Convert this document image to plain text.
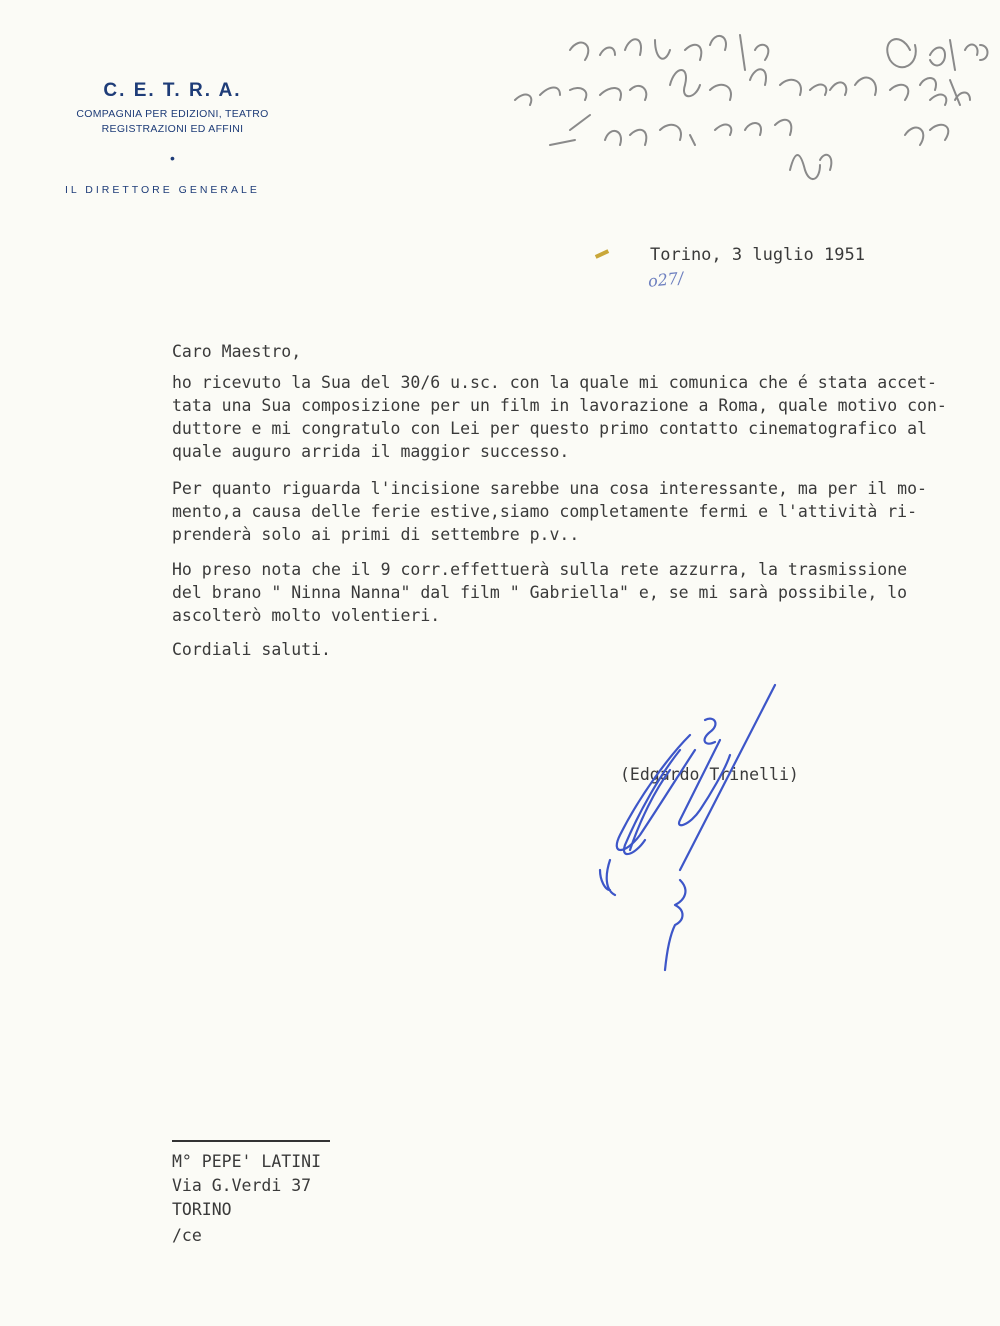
C. E. T. R. A.
COMPAGNIA PER EDIZIONI, TEATRO
REGISTRAZIONI ED AFFINI
•
IL DIRETTORE GENERALE
Torino, 3 luglio 1951
o27/
Caro Maestro,
ho ricevuto la Sua del 30/6 u.sc. con la quale mi comunica che é stata accet-
tata una Sua composizione per un film in lavorazione a Roma, quale motivo con-
duttore e mi congratulo con Lei per questo primo contatto cinematografico al
quale auguro arrida il maggior successo.
Per quanto riguarda l'incisione sarebbe una cosa interessante, ma per il mo-
mento,a causa delle ferie estive,siamo completamente fermi e l'attività ri-
prenderà solo ai primi di settembre p.v..
Ho preso nota che il 9 corr.effettuerà sulla rete azzurra, la trasmissione
del brano " Ninna Nanna" dal film " Gabriella" e, se mi sarà possibile, lo
ascolterò molto volentieri.
Cordiali saluti.
(Edgardo Trinelli)
M° PEPE' LATINI
Via G.Verdi 37
TORINO
/ce
